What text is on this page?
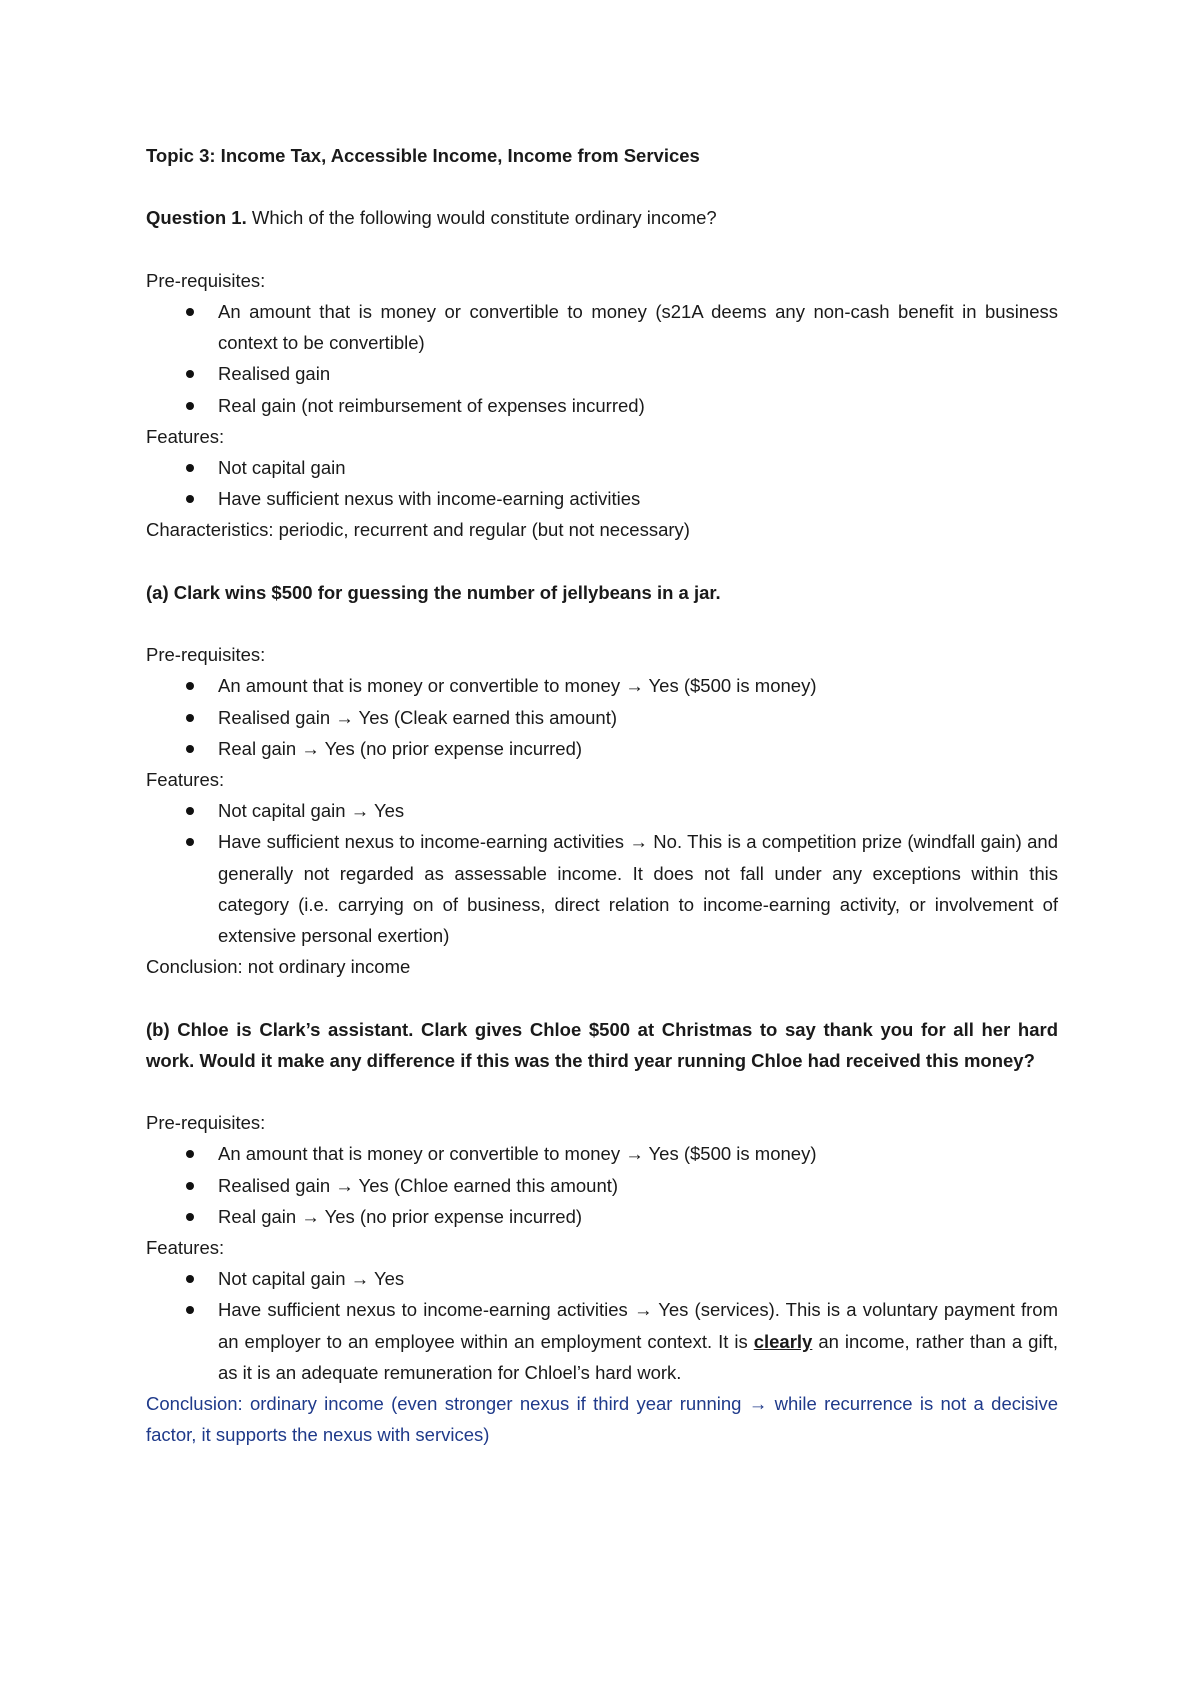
Topic 3: Income Tax, Accessible Income, Income from Services

Question 1. Which of the following would constitute ordinary income?

Pre-requisites:

An amount that is money or convertible to money (s21A deems any non-cash benefit in business context to be convertible)
Realised gain
Real gain (not reimbursement of expenses incurred)

Features:

Not capital gain
Have sufficient nexus with income-earning activities

Characteristics: periodic, recurrent and regular (but not necessary)

(a) Clark wins $500 for guessing the number of jellybeans in a jar.

Pre-requisites:

An amount that is money or convertible to money → Yes ($500 is money)
Realised gain → Yes (Cleak earned this amount)
Real gain → Yes (no prior expense incurred)

Features:

Not capital gain → Yes
Have sufficient nexus to income-earning activities → No. This is a competition prize (windfall gain) and generally not regarded as assessable income. It does not fall under any exceptions within this category (i.e. carrying on of business, direct relation to income-earning activity, or involvement of extensive personal exertion)

Conclusion: not ordinary income

(b) Chloe is Clark’s assistant. Clark gives Chloe $500 at Christmas to say thank you for all her hard work. Would it make any difference if this was the third year running Chloe had received this money?

Pre-requisites:

An amount that is money or convertible to money → Yes ($500 is money)
Realised gain → Yes (Chloe earned this amount)
Real gain → Yes (no prior expense incurred)

Features:

Not capital gain → Yes
Have sufficient nexus to income-earning activities → Yes (services). This is a voluntary payment from an employer to an employee within an employment context. It is clearly an income, rather than a gift, as it is an adequate remuneration for Chloel’s hard work.

Conclusion: ordinary income (even stronger nexus if third year running → while recurrence is not a decisive factor, it supports the nexus with services)
